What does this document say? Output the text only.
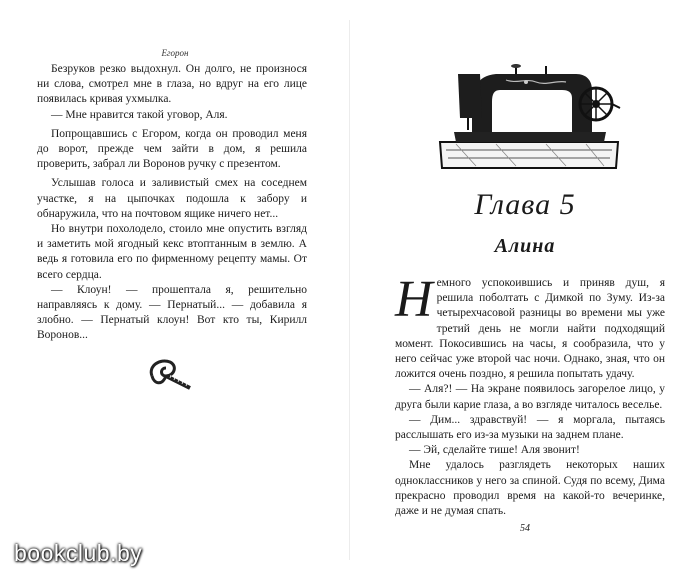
Егорон

Безруков резко выдохнул. Он долго, не произнося ни слова, смотрел мне в глаза, но вдруг на его лице появилась кривая ухмылка.

— Мне нравится такой уговор, Аля.

Попрощавшись с Егором, когда он проводил меня до ворот, прежде чем зайти в дом, я решила проверить, забрал ли Воронов ручку с презентом.

Услышав голоса и заливистый смех на соседнем участке, я на цыпочках подошла к забору и обнаружила, что на почтовом ящике ничего нет...

Но внутри похолодело, стоило мне опустить взгляд и заметить мой ягодный кекс втоптанным в землю. А ведь я готовила его по фирменному рецепту мамы. От всего сердца.

— Клоун! — прошептала я, решительно направляясь к дому. — Пернатый... — добавила я злобно. — Пернатый клоун! Вот кто ты, Кирилл Воронов...

Глава 5
Алина

Немного успокоившись и приняв душ, я решила поболтать с Димкой по Зуму. Из-за четырехчасовой разницы во времени мы уже третий день не могли найти подходящий момент. Покосившись на часы, я сообразила, что у него сейчас уже второй час ночи. Однако, зная, что он ложится очень поздно, я решила попытать удачу.

— Аля?! — На экране появилось загорелое лицо, у друга были карие глаза, а во взгляде читалось веселье.

— Дим... здравствуй! — я моргала, пытаясь расслышать его из-за музыки на заднем плане.

— Эй, сделайте тише! Аля звонит!

Мне удалось разглядеть некоторых наших одноклассников у него за спиной. Судя по всему, Дима прекрасно проводил время на какой-то вечеринке, даже и не думая спать.

54
bookclub.by
